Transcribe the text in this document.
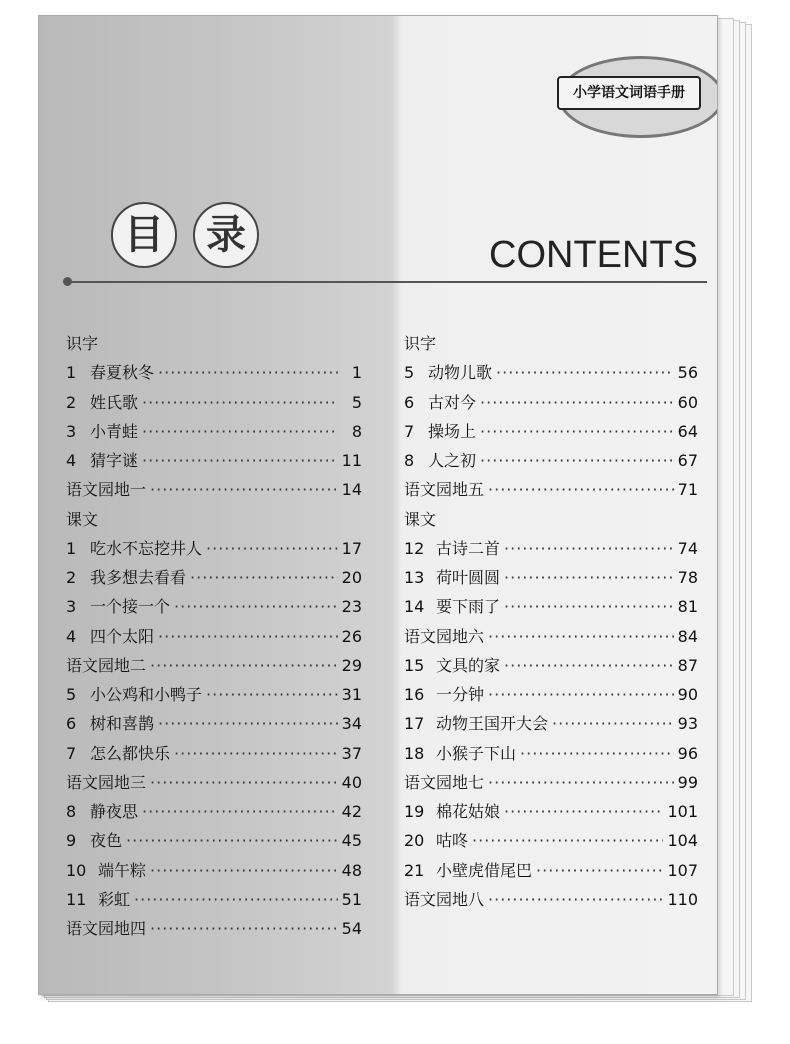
小学语文词语手册
目	录	CONTENTS
识字
1 春夏秋冬 ·····	1
2 姓氏歌 ·····	5
3 小青蛙 ·····	8
4 猜字谜 ·····	11
语文园地一 ·····	14
课文
1 吃水不忘挖井人 ·····	17
2 我多想去看看 ·····	20
3 一个接一个 ·····	23
4 四个太阳 ·····	26
语文园地二 ·····	29
5 小公鸡和小鸭子 ·····	31
6 树和喜鹊 ·····	34
7 怎么都快乐 ·····	37
语文园地三 ·····	40
8 静夜思 ·····	42
9 夜色 ·····	45
10 端午粽 ·····	48
11 彩虹 ·····	51
语文园地四 ·····	54
识字
5 动物儿歌 ·····	56
6 古对今 ·····	60
7 操场上 ·····	64
8 人之初 ·····	67
语文园地五 ·····	71
课文
12 古诗二首 ·····	74
13 荷叶圆圆 ·····	78
14 要下雨了 ·····	81
语文园地六 ·····	84
15 文具的家 ·····	87
16 一分钟 ·····	90
17 动物王国开大会 ·····	93
18 小猴子下山 ·····	96
语文园地七 ·····	99
19 棉花姑娘 ·····	101
20 咕咚 ·····	104
21 小壁虎借尾巴 ·····	107
语文园地八 ·····	110
